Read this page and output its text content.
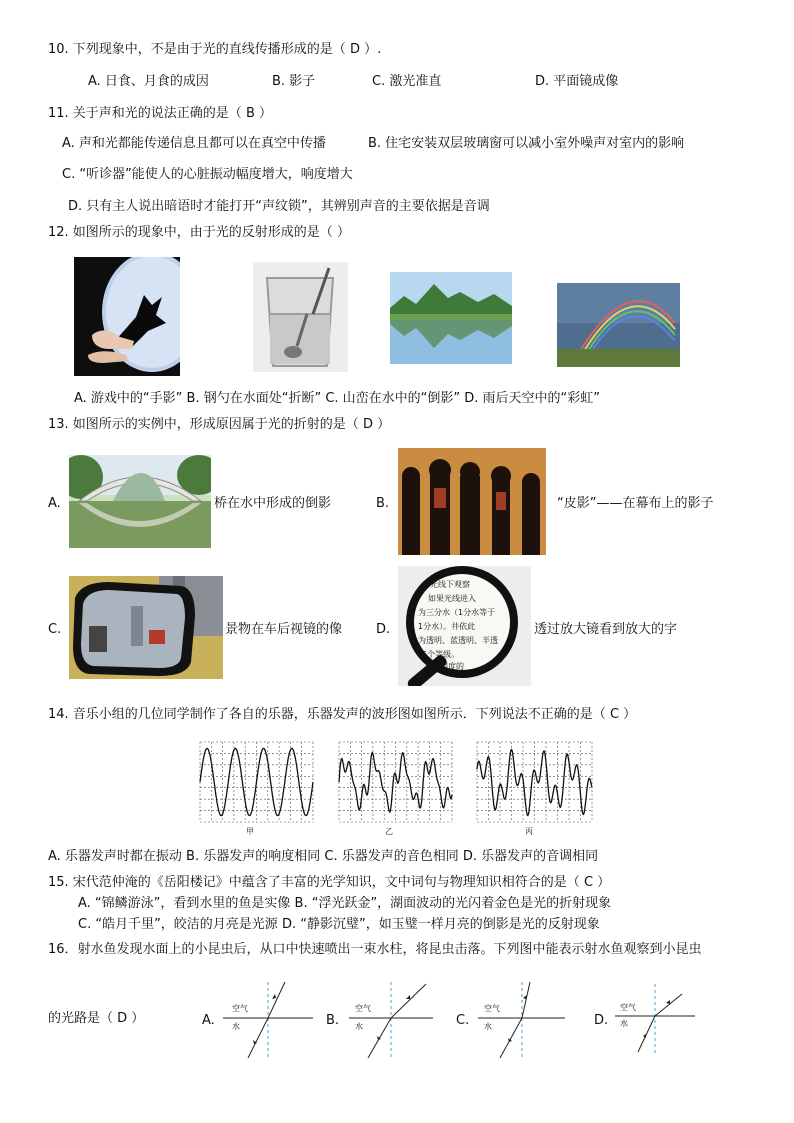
10. 下列现象中，不是由于光的直线传播形成的是（ D ）.
A. 日食、月食的成因	B. 影子	C. 激光准直	D. 平面镜成像
11. 关于声和光的说法正确的是（ B ）
A. 声和光都能传递信息且都可以在真空中传播	B. 住宅安装双层玻璃窗可以减小室外噪声对室内的影响
C. “听诊器”能使人的心脏振动幅度增大，响度增大
D. 只有主人说出暗语时才能打开“声纹锁”，其辨别声音的主要依据是音调
12. 如图所示的现象中，由于光的反射形成的是（ ）
A. 游戏中的“手影” B. 钢勺在水面处“折断” C. 山峦在水中的“倒影” D. 雨后天空中的“彩虹”
13. 如图所示的实例中，形成原因属于光的折射的是（ D ）
A.	桥在水中形成的倒影	B.	“皮影”——在幕布上的影子
C.	景物在车后视镜的像	D.
光线下观察
如果光线进入
为三分水（1分水等于
1分水）。井依此
为透明、蓝透明、半透
5个等级。
透明度的
透过放大镜看到放大的字
14. 音乐小组的几位同学制作了各自的乐器，乐器发声的波形图如图所示．下列说法不正确的是（ C ）
甲	乙	丙
A. 乐器发声时都在振动 B. 乐器发声的响度相同 C. 乐器发声的音色相同 D. 乐器发声的音调相同
15. 宋代范仲淹的《岳阳楼记》中蕴含了丰富的光学知识，文中词句与物理知识相符合的是（ C ）
A. “锦鳞游泳”，看到水里的鱼是实像 B. “浮光跃金”，湖面波动的光闪着金色是光的折射现象
C. “皓月千里”，皎洁的月亮是光源 D. “静影沉璧”，如玉璧一样月亮的倒影是光的反射现象
16．射水鱼发现水面上的小昆虫后，从口中快速喷出一束水柱，将昆虫击落。下列图中能表示射水鱼观察到小昆虫
的光路是（ D ）	A.	B.	C.	D.
空气
水
空气
水
空气
水
空气
水
